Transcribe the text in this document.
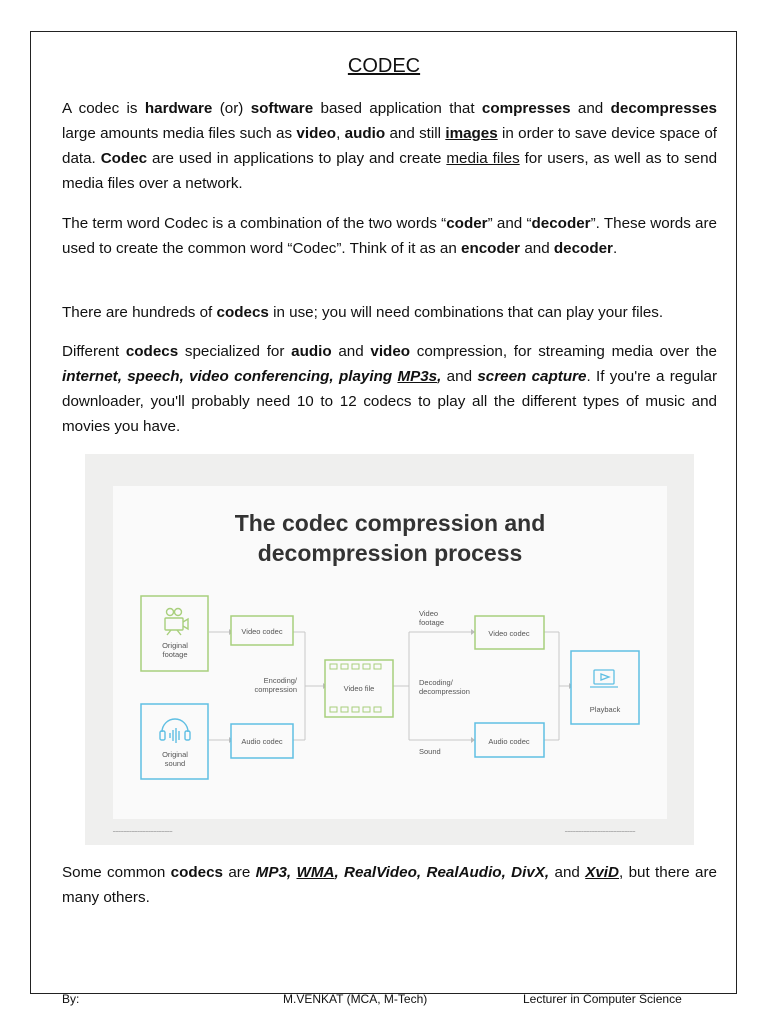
CODEC
A codec is hardware (or) software based application that compresses and decompresses large amounts media files such as video, audio and still images in order to save device space of data. Codec are used in applications to play and create media files for users, as well as to send media files over a network.
The term word Codec is a combination of the two words “coder” and “decoder”. These words are used to create the common word “Codec”. Think of it as an encoder and decoder.
There are hundreds of codecs in use; you will need combinations that can play your files.
Different codecs specialized for audio and video compression, for streaming media over the internet, speech, video conferencing, playing MP3s, and screen capture. If you're a regular downloader, you'll probably need 10 to 12 codecs to play all the different types of music and movies you have.
The codec compression and
decompression process
Original
footage
Original
sound
Video codec
Audio codec
Encoding/
compression	Video file
Video
footage
Decoding/
decompression
Sound
Video codec
Audio codec
Playback
━━━━━━━━━━━━━━━━━━━━━━	━━━━━━━━━━━━━━━━━━━━━━━━━━
Some common codecs are MP3, WMA, RealVideo, RealAudio, DivX, and XviD, but there are many others.
By:	M.VENKAT (MCA, M-Tech)	Lecturer in Computer Science
